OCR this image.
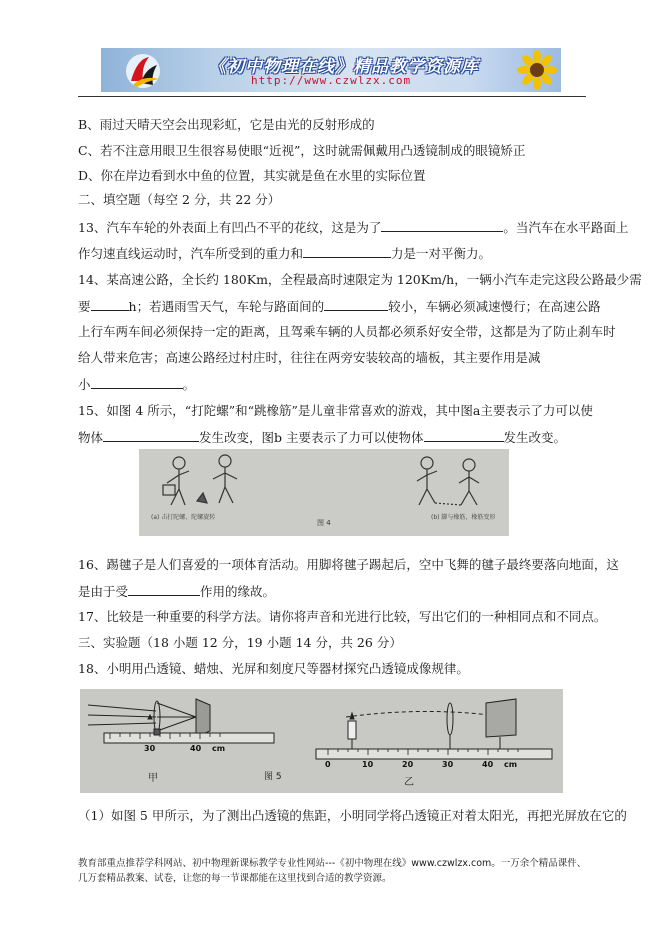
《初中物理在线》精品教学资源库
http://www.czwlzx.com
B、雨过天晴天空会出现彩虹，它是由光的反射形成的
C、若不注意用眼卫生很容易使眼“近视”，这时就需佩戴用凸透镜制成的眼镜矫正
D、你在岸边看到水中鱼的位置，其实就是鱼在水里的实际位置
二、填空题（每空 2 分，共 22 分）
13、汽车车轮的外表面上有凹凸不平的花纹，这是为了	。当汽车在水平路面上
作匀速直线运动时，汽车所受到的重力和	力是一对平衡力。
14、某高速公路，全长约 180Km，全程最高时速限定为 120Km/h，一辆小汽车走完这段公路最少需
要	h；若遇雨雪天气，车轮与路面间的	较小，车辆必须减速慢行；在高速公路
上行车两车间必须保持一定的距离，且驾乘车辆的人员都必须系好安全带，这都是为了防止刹车时
给人带来危害；高速公路经过村庄时，往往在两旁安装较高的墙板，其主要作用是减
小	。
15、如图 4 所示，“打陀螺”和“跳橡筋”是儿童非常喜欢的游戏，其中图a主要表示了力可以使
物体	发生改变，图b 主要表示了力可以使物体	发生改变。
(a) 击打陀螺，陀螺旋转
图 4
(b) 脚与橡筋，橡筋变形
16、踢毽子是人们喜爱的一项体育活动。用脚将毽子踢起后，空中飞舞的毽子最终要落向地面，这
是由于受	作用的缘故。
17、比较是一种重要的科学方法。请你将声音和光进行比较，写出它们的一种相同点和不同点。
三、实验题（18 小题 12 分，19 小题 14 分，共 26 分）
18、小明用凸透镜、蜡烛、光屏和刻度尺等器材探究凸透镜成像规律。
30	40 cm
甲	图 5
0	10	20	30	40 cm
乙
（1）如图 5 甲所示，为了测出凸透镜的焦距，小明同学将凸透镜正对着太阳光，再把光屏放在它的
教育部重点推荐学科网站、初中物理新课标教学专业性网站---《初中物理在线》www.czwlzx.com。一万余个精品课件、
几万套精品教案、试卷，让您的每一节课都能在这里找到合适的教学资源。
